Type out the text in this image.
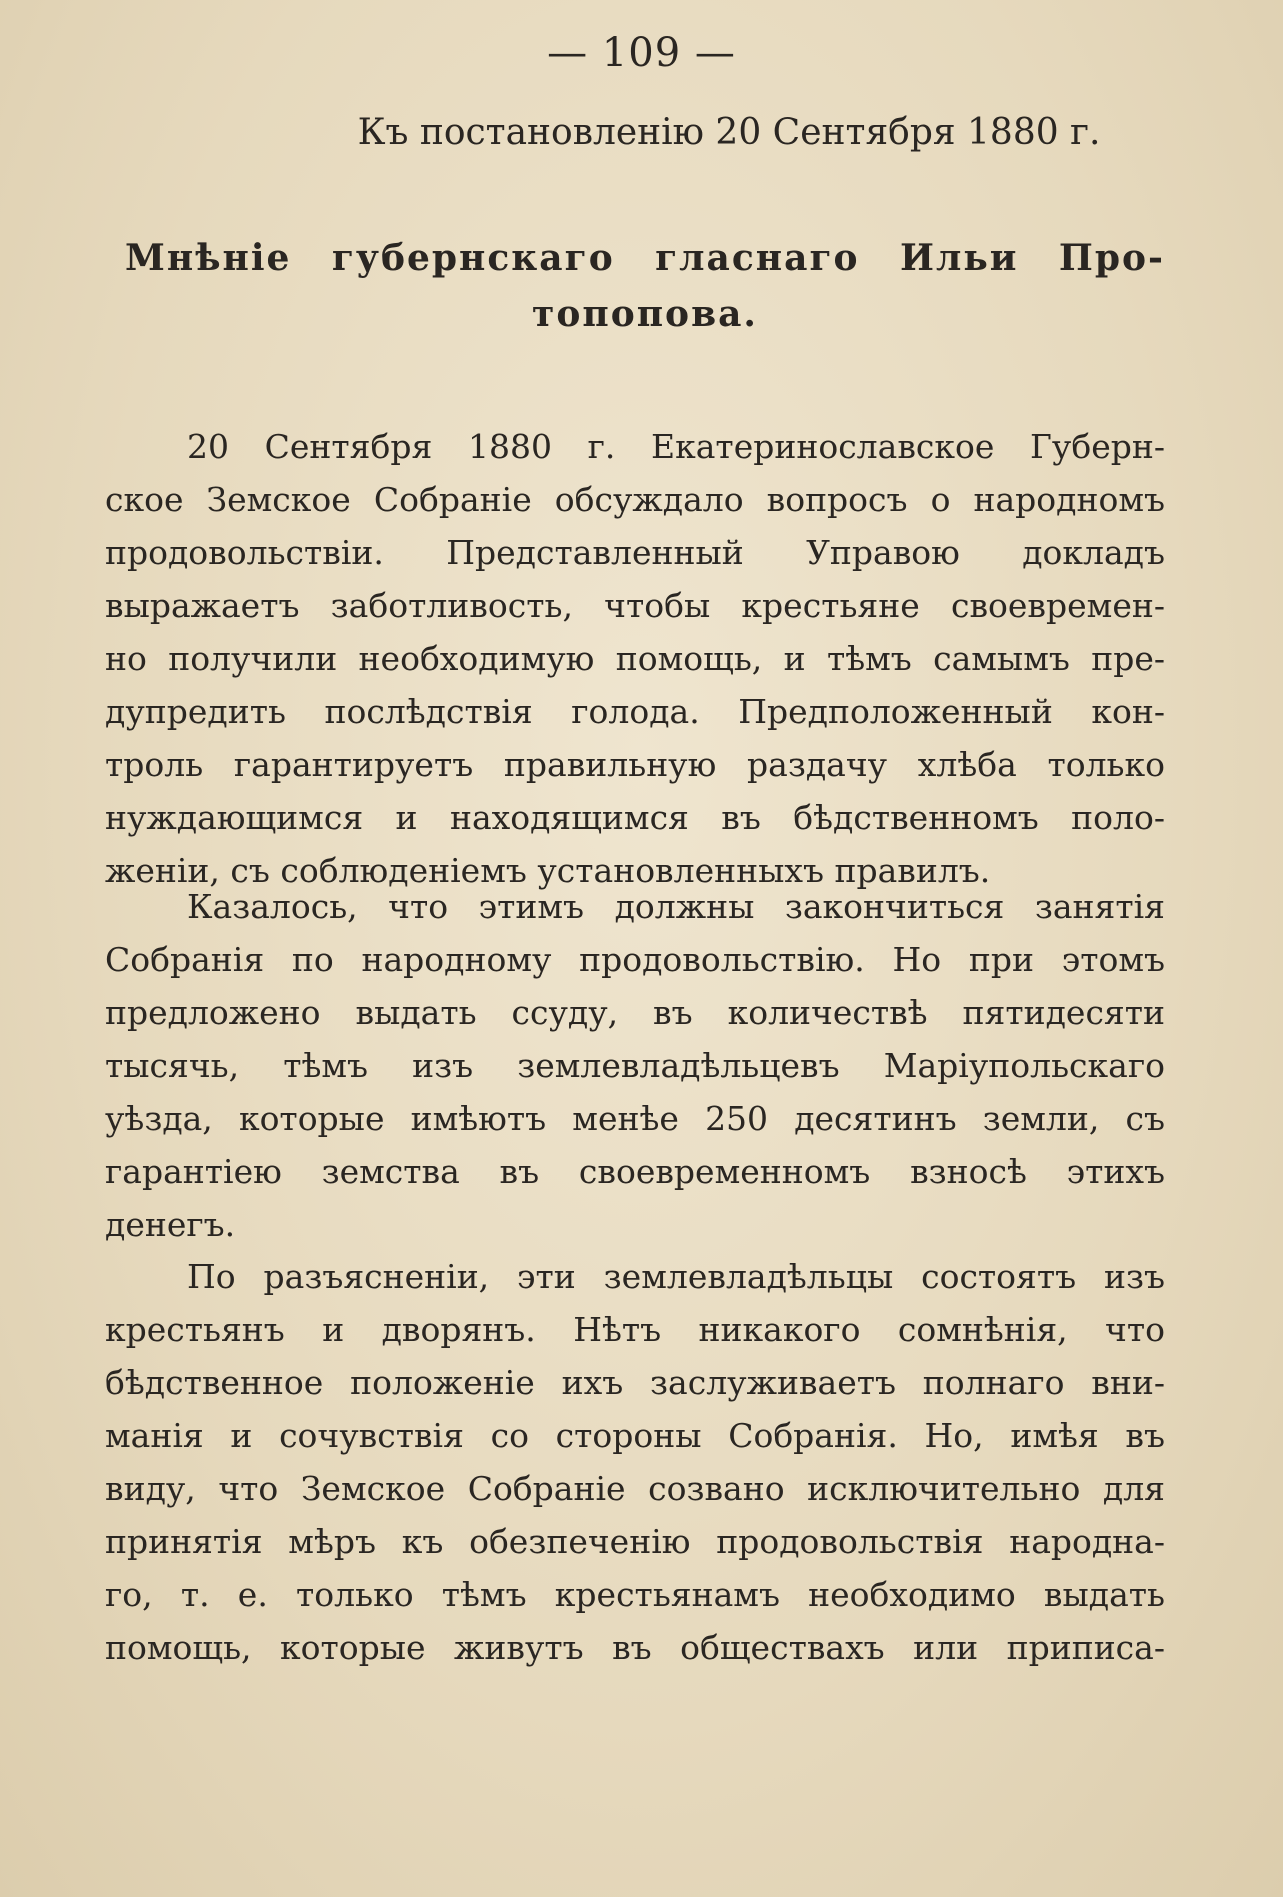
— 109 —
Къ постановленію 20 Сентября 1880 г.
Мнѣніе губернскаго гласнаго Ильи Про-
топопова.
20 Сентября 1880 г. Екатеринославское Губерн-
ское Земское Собраніе обсуждало вопросъ о народномъ
продовольствіи. Представленный Управою докладъ
выражаетъ заботливость, чтобы крестьяне своевремен-
но получили необходимую помощь, и тѣмъ самымъ пре-
дупредить послѣдствія голода. Предположенный кон-
троль гарантируетъ правильную раздачу хлѣба только
нуждающимся и находящимся въ бѣдственномъ поло-
женіи, съ соблюденіемъ установленныхъ правилъ.
Казалось, что этимъ должны закончиться занятія
Собранія по народному продовольствію. Но при этомъ
предложено выдать ссуду, въ количествѣ пятидесяти
тысячь, тѣмъ изъ землевладѣльцевъ Маріупольскаго
уѣзда, которые имѣютъ менѣе 250 десятинъ земли, съ
гарантіею земства въ своевременномъ взносѣ этихъ
денегъ.
По разъясненіи, эти землевладѣльцы состоятъ изъ
крестьянъ и дворянъ. Нѣтъ никакого сомнѣнія, что
бѣдственное положеніе ихъ заслуживаетъ полнаго вни-
манія и сочувствія со стороны Собранія. Но, имѣя въ
виду, что Земское Собраніе созвано исключительно для
принятія мѣръ къ обезпеченію продовольствія народна-
го, т. е. только тѣмъ крестьянамъ необходимо выдать
помощь, которые живутъ въ обществахъ или приписа-
